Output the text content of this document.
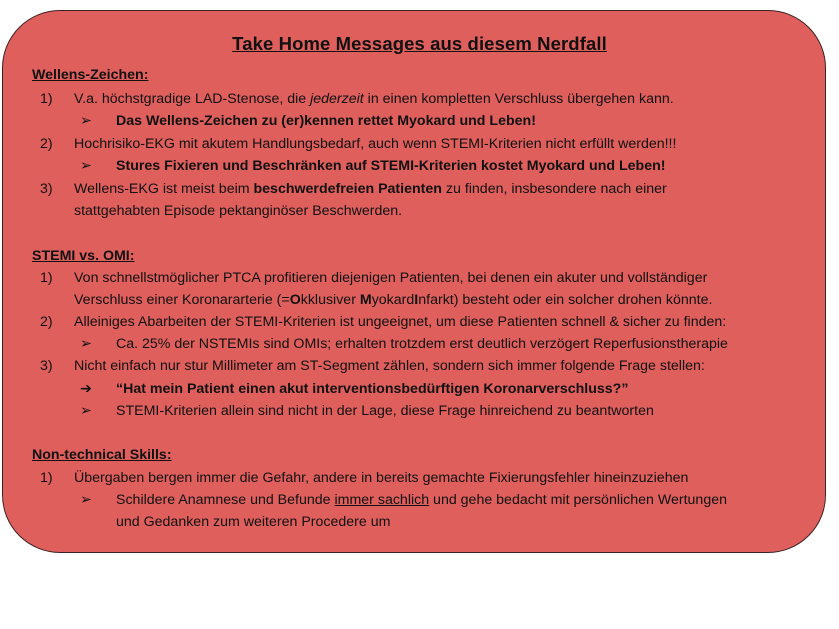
Take Home Messages aus diesem Nerdfall
Wellens-Zeichen:
1) V.a. höchstgradige LAD-Stenose, die jederzeit in einen kompletten Verschluss übergehen kann.
➢ Das Wellens-Zeichen zu (er)kennen rettet Myokard und Leben!
2) Hochrisiko-EKG mit akutem Handlungsbedarf, auch wenn STEMI-Kriterien nicht erfüllt werden!!!
➢ Stures Fixieren und Beschränken auf STEMI-Kriterien kostet Myokard und Leben!
3) Wellens-EKG ist meist beim beschwerdefreien Patienten zu finden, insbesondere nach einer
stattgehabten Episode pektanginöser Beschwerden.
STEMI vs. OMI:
1) Von schnellstmöglicher PTCA profitieren diejenigen Patienten, bei denen ein akuter und vollständiger
Verschluss einer Koronararterie (=Okklusiver MyokardInfarkt) besteht oder ein solcher drohen könnte.
2) Alleiniges Abarbeiten der STEMI-Kriterien ist ungeeignet, um diese Patienten schnell & sicher zu finden:
➢ Ca. 25% der NSTEMIs sind OMIs; erhalten trotzdem erst deutlich verzögert Reperfusionstherapie
3) Nicht einfach nur stur Millimeter am ST-Segment zählen, sondern sich immer folgende Frage stellen:
➔ “Hat mein Patient einen akut interventionsbedürftigen Koronarverschluss?”
➢ STEMI-Kriterien allein sind nicht in der Lage, diese Frage hinreichend zu beantworten
Non-technical Skills:
1) Übergaben bergen immer die Gefahr, andere in bereits gemachte Fixierungsfehler hineinzuziehen
➢ Schildere Anamnese und Befunde immer sachlich und gehe bedacht mit persönlichen Wertungen
und Gedanken zum weiteren Procedere um
